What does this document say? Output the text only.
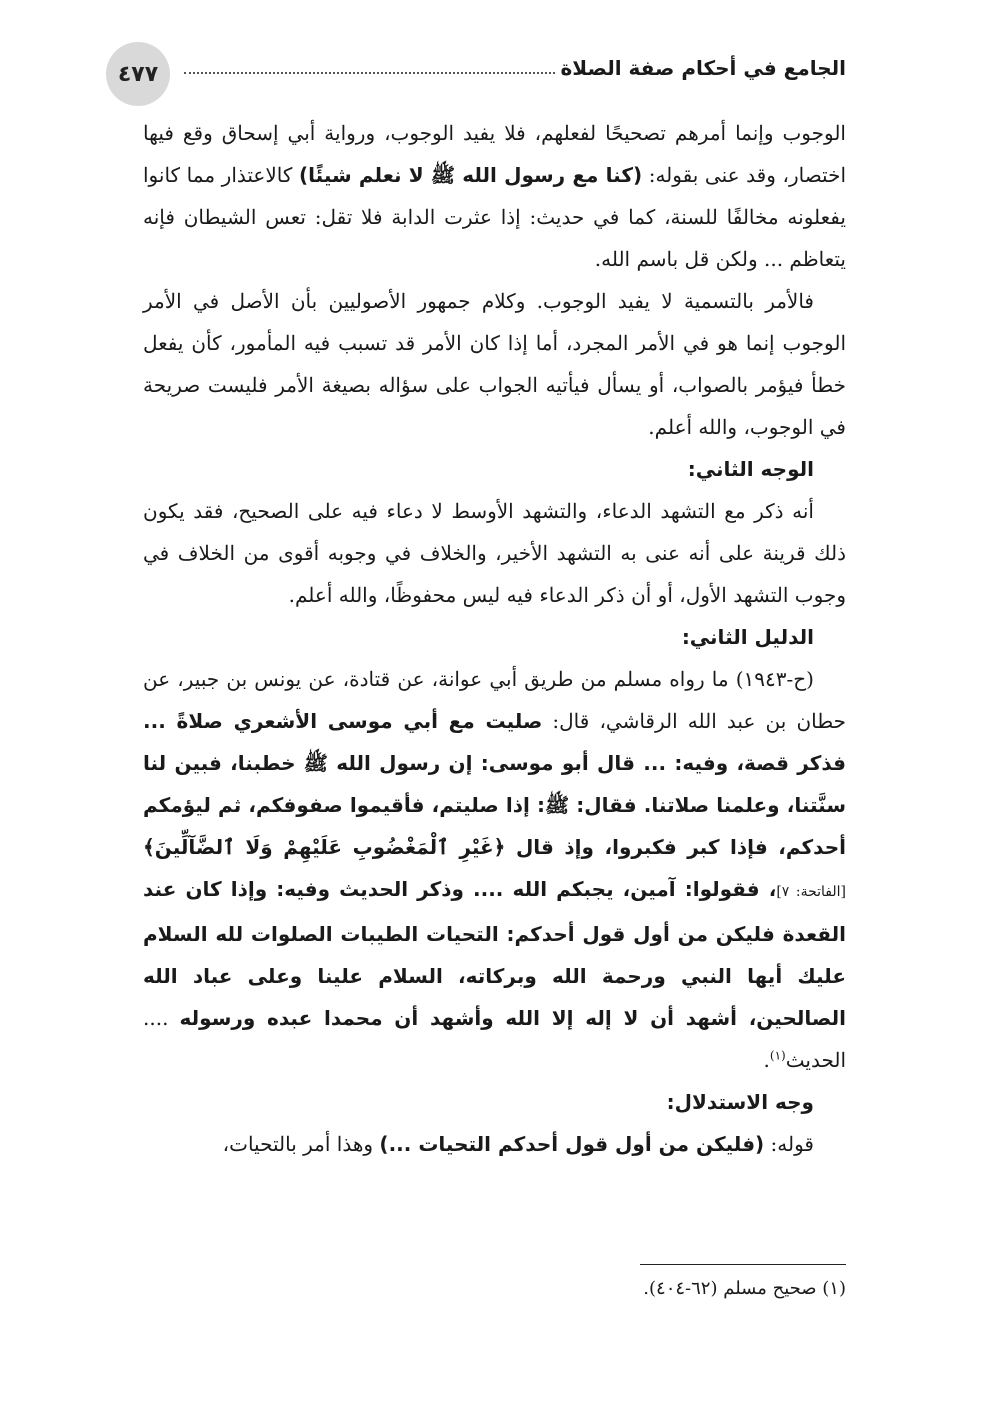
٤٧٧	الجامع في أحكام صفة الصلاة

الوجوب وإنما أمرهم تصحيحًا لفعلهم، فلا يفيد الوجوب، ورواية أبي إسحاق وقع فيها اختصار، وقد عنى بقوله: (كنا مع رسول الله ﷺ لا نعلم شيئًا) كالاعتذار مما كانوا يفعلونه مخالفًا للسنة، كما في حديث: إذا عثرت الدابة فلا تقل: تعس الشيطان فإنه يتعاظم ... ولكن قل باسم الله.

فالأمر بالتسمية لا يفيد الوجوب. وكلام جمهور الأصوليين بأن الأصل في الأمر الوجوب إنما هو في الأمر المجرد، أما إذا كان الأمر قد تسبب فيه المأمور، كأن يفعل خطأ فيؤمر بالصواب، أو يسأل فيأتيه الجواب على سؤاله بصيغة الأمر فليست صريحة في الوجوب، والله أعلم.

الوجه الثاني:

أنه ذكر مع التشهد الدعاء، والتشهد الأوسط لا دعاء فيه على الصحيح، فقد يكون ذلك قرينة على أنه عنى به التشهد الأخير، والخلاف في وجوبه أقوى من الخلاف في وجوب التشهد الأول، أو أن ذكر الدعاء فيه ليس محفوظًا، والله أعلم.

الدليل الثاني:

(ح-١٩٤٣) ما رواه مسلم من طريق أبي عوانة، عن قتادة، عن يونس بن جبير، عن حطان بن عبد الله الرقاشي، قال: صليت مع أبي موسى الأشعري صلاةً ... فذكر قصة، وفيه: ... قال أبو موسى: إن رسول الله ﷺ خطبنا، فبين لنا سنَّتنا، وعلمنا صلاتنا. فقال: ﷺ: إذا صليتم، فأقيموا صفوفكم، ثم ليؤمكم أحدكم، فإذا كبر فكبروا، وإذ قال ﴿غَيْرِ ٱلْمَغْضُوبِ عَلَيْهِمْ وَلَا ٱلضَّآلِّينَ﴾ [الفاتحة: ٧]، فقولوا: آمين، يجبكم الله .... وذكر الحديث وفيه: وإذا كان عند القعدة فليكن من أول قول أحدكم: التحيات الطيبات الصلوات لله السلام عليك أيها النبي ورحمة الله وبركاته، السلام علينا وعلى عباد الله الصالحين، أشهد أن لا إله إلا الله وأشهد أن محمدا عبده ورسوله .... الحديث$^{(١)}$.

وجه الاستدلال:

قوله: (فليكن من أول قول أحدكم التحيات ...) وهذا أمر بالتحيات،

(١) صحيح مسلم (٦٢-٤٠٤).
